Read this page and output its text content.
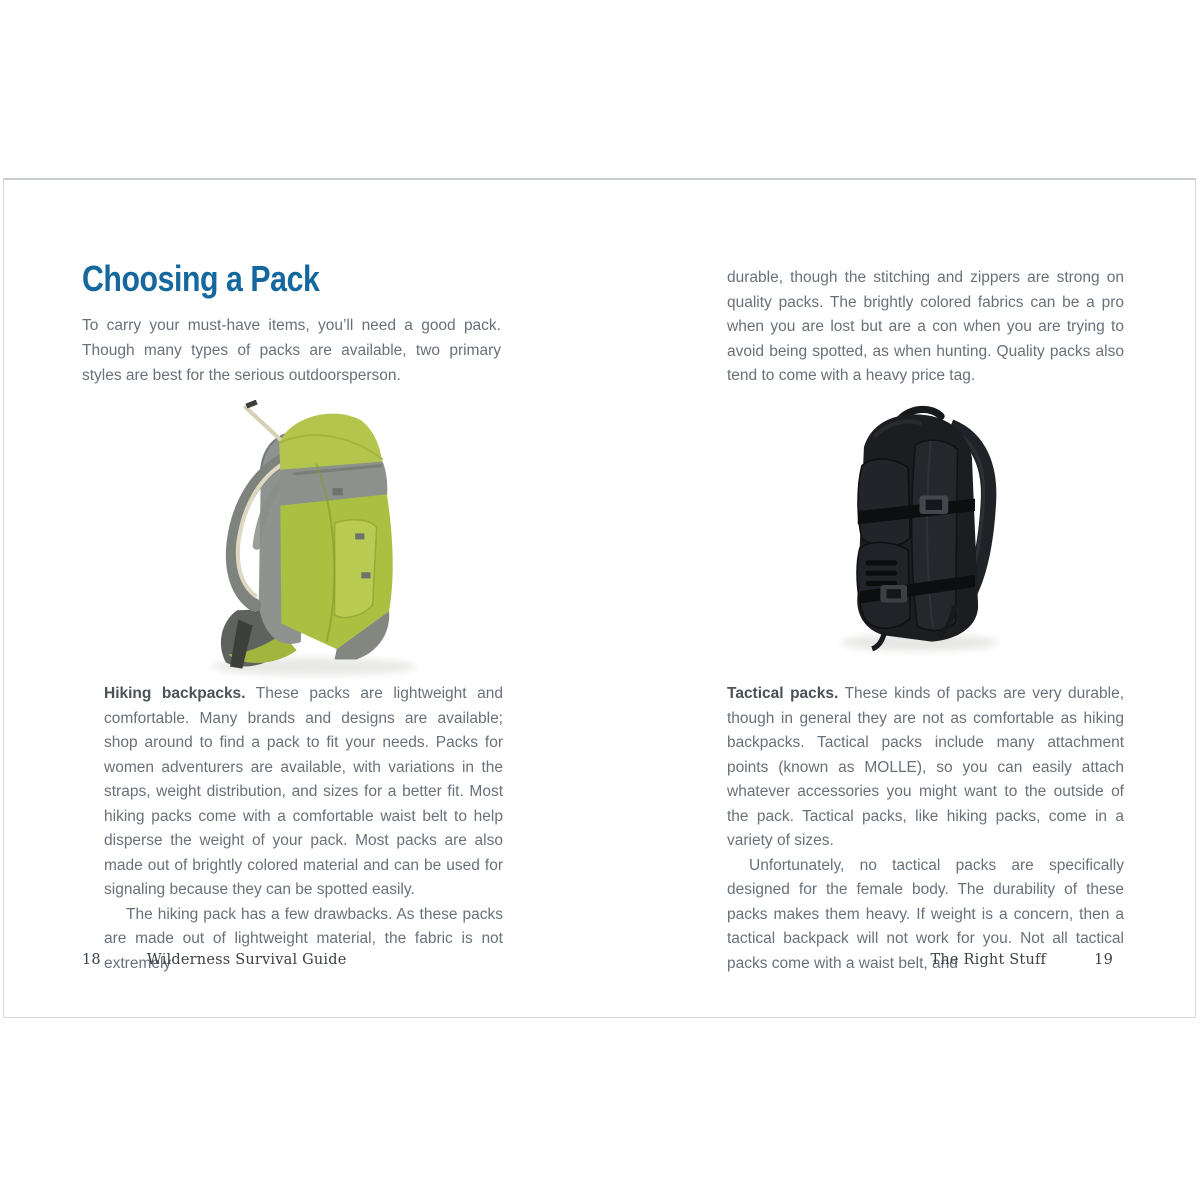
Choosing a Pack
To carry your must-have items, you’ll need a good pack. Though many types of packs are available, two primary styles are best for the serious outdoorsperson.

Hiking backpacks. These packs are lightweight and comfortable. Many brands and designs are available; shop around to find a pack to fit your needs. Packs for women adventurers are available, with variations in the straps, weight distribution, and sizes for a better fit. Most hiking packs come with a comfortable waist belt to help disperse the weight of your pack. Most packs are also made out of brightly colored material and can be used for signaling because they can be spotted easily.

The hiking pack has a few drawbacks. As these packs are made out of lightweight material, the fabric is not extremely

18	Wilderness Survival Guide

durable, though the stitching and zippers are strong on quality packs. The brightly colored fabrics can be a pro when you are lost but are a con when you are trying to avoid being spotted, as when hunting. Quality packs also tend to come with a heavy price tag.

Tactical packs. These kinds of packs are very durable, though in general they are not as comfortable as hiking backpacks. Tactical packs include many attachment points (known as MOLLE), so you can easily attach whatever accessories you might want to the outside of the pack. Tactical packs, like hiking packs, come in a variety of sizes.

Unfortunately, no tactical packs are specifically designed for the female body. The durability of these packs makes them heavy. If weight is a concern, then a tactical backpack will not work for you. Not all tactical packs come with a waist belt, and

The Right Stuff	19
